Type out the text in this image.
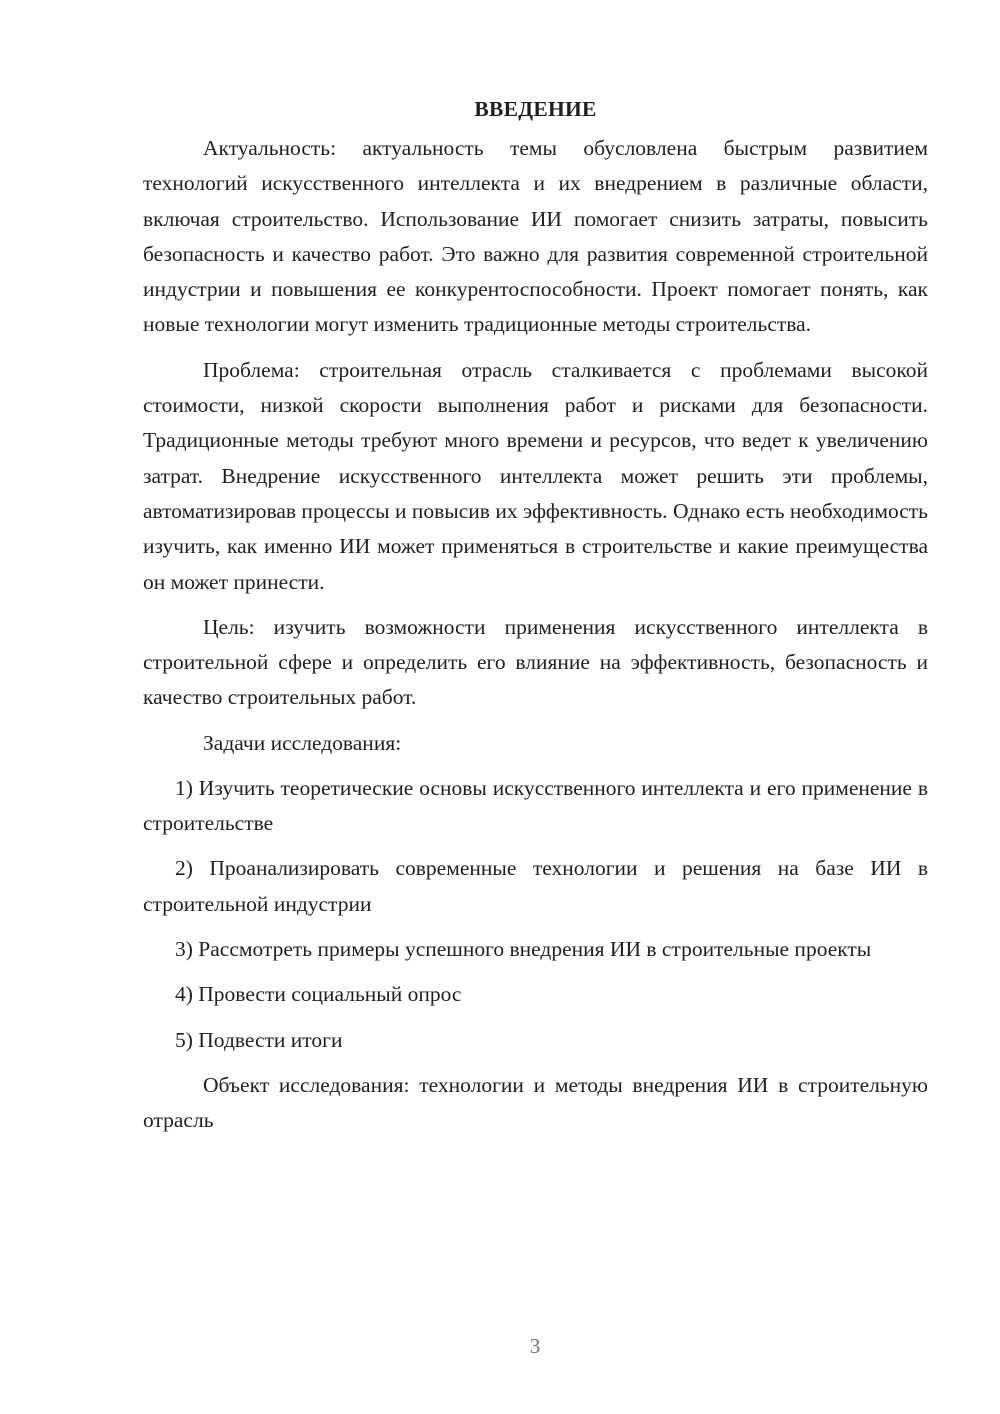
ВВЕДЕНИЕ

Актуальность: актуальность темы обусловлена быстрым развитием технологий искусственного интеллекта и их внедрением в различные области, включая строительство. Использование ИИ помогает снизить затраты, повысить безопасность и качество работ. Это важно для развития современной строительной индустрии и повышения ее конкурентоспособности. Проект помогает понять, как новые технологии могут изменить традиционные методы строительства.

Проблема: строительная отрасль сталкивается с проблемами высокой стоимости, низкой скорости выполнения работ и рисками для безопасности. Традиционные методы требуют много времени и ресурсов, что ведет к увеличению затрат. Внедрение искусственного интеллекта может решить эти проблемы, автоматизировав процессы и повысив их эффективность. Однако есть необходимость изучить, как именно ИИ может применяться в строительстве и какие преимущества он может принести.

Цель: изучить возможности применения искусственного интеллекта в строительной сфере и определить его влияние на эффективность, безопасность и качество строительных работ.

Задачи исследования:

1) Изучить теоретические основы искусственного интеллекта и его применение в строительстве

2) Проанализировать современные технологии и решения на базе ИИ в строительной индустрии

3) Рассмотреть примеры успешного внедрения ИИ в строительные проекты

4) Провести социальный опрос

5) Подвести итоги

Объект исследования: технологии и методы внедрения ИИ в строительную отрасль

3
